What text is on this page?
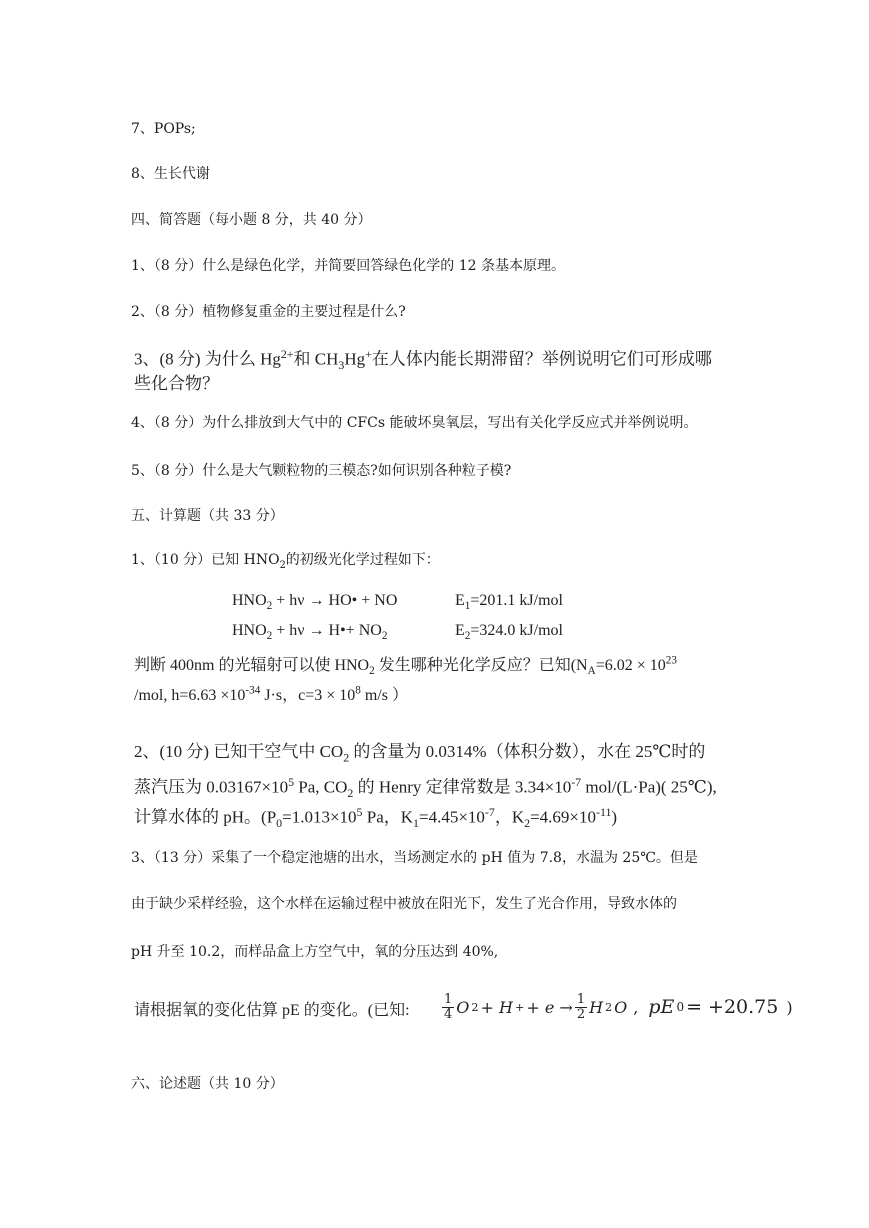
7、POPs;
8、生长代谢
四、简答题（每小题 8 分，共 40 分）
1、（8 分）什么是绿色化学，并简要回答绿色化学的 12 条基本原理。
2、（8 分）植物修复重金的主要过程是什么?
3、(8 分) 为什么 $Hg^{2+}$和 $CH_3Hg^+$在人体内能长期滞留？举例说明它们可形成哪
些化合物？
4、（8 分）为什么排放到大气中的 CFCs 能破坏臭氧层，写出有关化学反应式并举例说明。
5、（8 分）什么是大气颗粒物的三模态?如何识别各种粒子模?
五、计算题（共 33 分）
1、（10 分）已知 $HNO_2$的初级光化学过程如下：
$HNO_2 + h\nu$ → HO• + NO	$E_1=201.1$ kJ/mol
$HNO_2 + h\nu$ → H•+ $NO_2$	$E_2=324.0$ kJ/mol
判断 400nm 的光辐射可以使 $HNO_2$ 发生哪种光化学反应？已知($N_A=6.02 \times 10^{23}$
/mol, $h=6.63 \times 10^{-34}$ J·s，$c=3 \times 10^8$ m/s ）
2、(10 分) 已知干空气中 $CO_2$ 的含量为 0.0314%（体积分数），水在 25℃时的
蒸汽压为 $0.03167\times 10^5$ Pa, $CO_2$ 的 Henry 定律常数是 $3.34\times 10^{-7}$ mol/(L·Pa)( 25℃),
计算水体的 pH。($P_0=1.013\times 10^5$ Pa，$K_1=4.45\times 10^{-7}$，$K_2=4.69\times 10^{-11}$)
3、（13 分）采集了一个稳定池塘的出水，当场测定水的 pH 值为 7.8，水温为 25℃。但是
由于缺少采样经验，这个水样在运输过程中被放在阳光下，发生了光合作用，导致水体的
pH 升至 10.2，而样品盒上方空气中，氧的分压达到 40%,
请根据氧的变化估算 pE 的变化。(已知:
1
4 O 2 + H + + e → 1
2 H 2 O , pE 0 = +20.75 )
六、论述题（共 10 分）
